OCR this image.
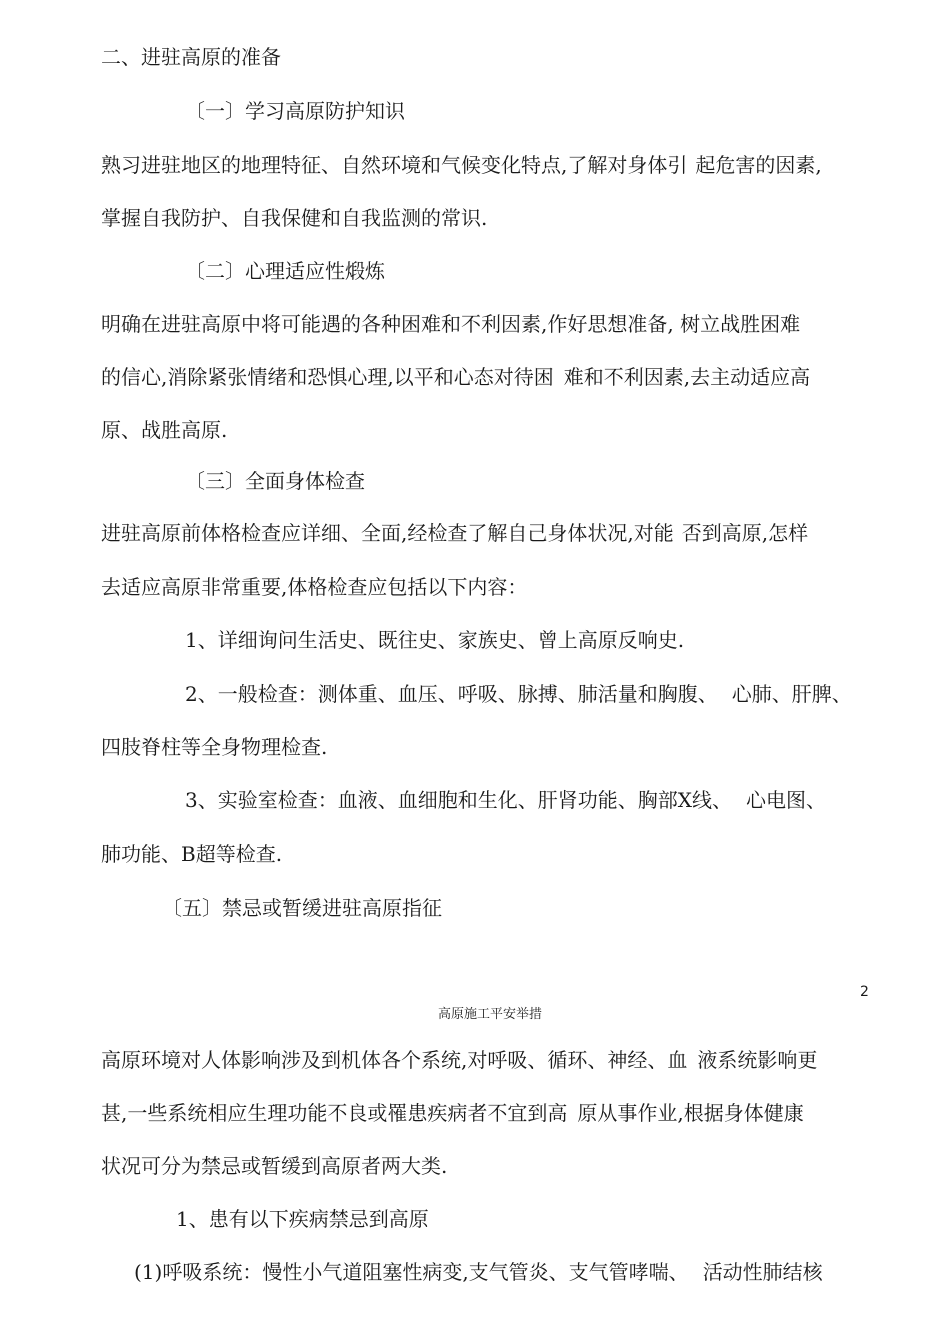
二、进驻高原的准备
〔一〕学习高原防护知识
熟习进驻地区的地理特征、自然环境和气候变化特点,了解对身体引 起危害的因素,
掌握自我防护、自我保健和自我监测的常识.
〔二〕心理适应性煅炼
明确在进驻高原中将可能遇的各种困难和不利因素,作好思想准备, 树立战胜困难
的信心,消除紧张情绪和恐惧心理,以平和心态对待困 难和不利因素,去主动适应高
原、战胜高原.
〔三〕全面身体检查
进驻高原前体格检查应详细、全面,经检查了解自己身体状况,对能 否到高原,怎样
去适应高原非常重要,体格检查应包括以下内容：
1、详细询问生活史、既往史、家族史、曾上高原反响史.
2、一般检查：测体重、血压、呼吸、脉搏、肺活量和胸腹、 心肺、肝脾、
四肢脊柱等全身物理检查.
3、实验室检查：血液、血细胞和生化、肝肾功能、胸部X线、 心电图、
肺功能、B超等检查.
〔五〕禁忌或暂缓进驻高原指征
2
高原施工平安举措
高原环境对人体影响涉及到机体各个系统,对呼吸、循环、神经、血 液系统影响更
甚,一些系统相应生理功能不良或罹患疾病者不宜到高 原从事作业,根据身体健康
状况可分为禁忌或暂缓到高原者两大类.
1、患有以下疾病禁忌到高原
(1)呼吸系统：慢性小气道阻塞性病变,支气管炎、支气管哮喘、 活动性肺结核
